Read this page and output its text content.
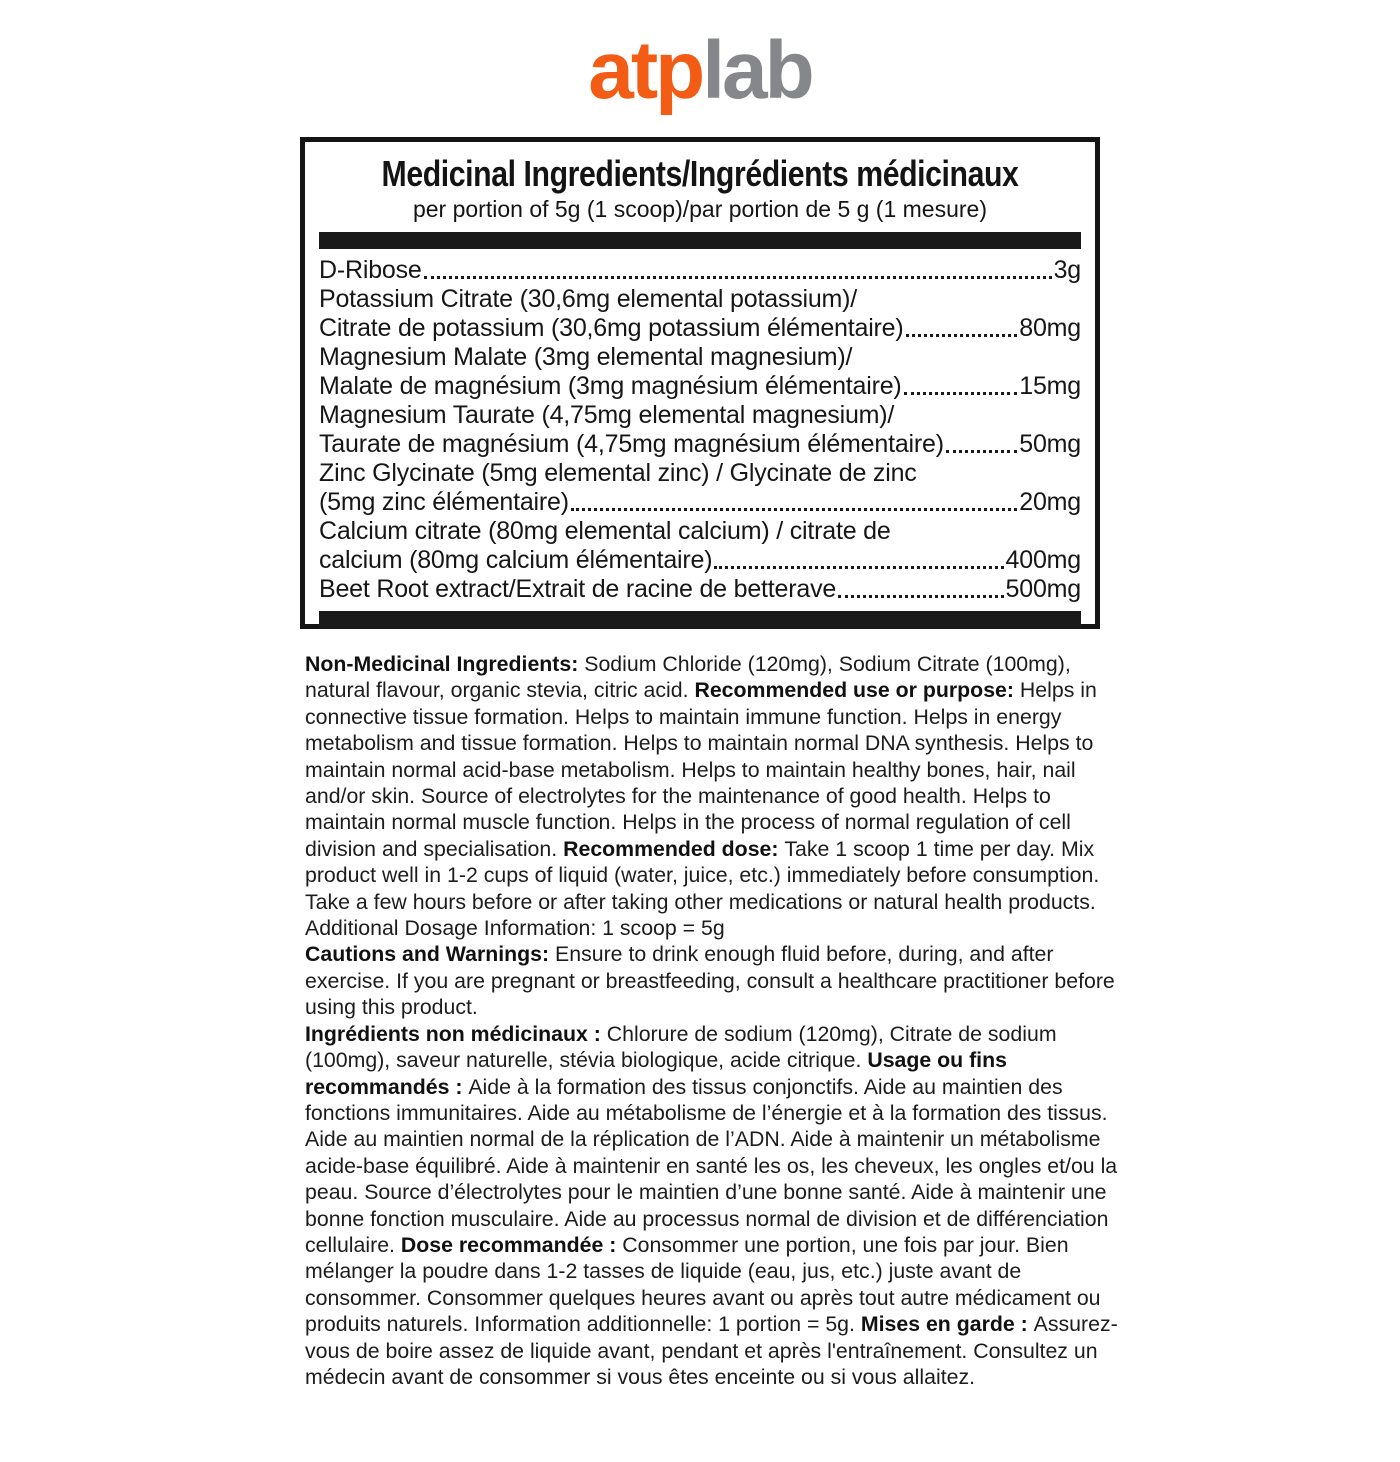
atplab
Medicinal Ingredients/Ingrédients médicinaux
per portion of 5g (1 scoop)/par portion de 5 g (1 mesure)
D-Ribose	3g
Potassium Citrate (30,6mg elemental potassium)/
Citrate de potassium (30,6mg potassium élémentaire)	80mg
Magnesium Malate (3mg elemental magnesium)/
Malate de magnésium (3mg magnésium élémentaire)	15mg
Magnesium Taurate (4,75mg elemental magnesium)/
Taurate de magnésium (4,75mg magnésium élémentaire)	50mg
Zinc Glycinate (5mg elemental zinc) / Glycinate de zinc
(5mg zinc élémentaire)	20mg
Calcium citrate (80mg elemental calcium) / citrate de
calcium (80mg calcium élémentaire)	400mg
Beet Root extract/Extrait de racine de betterave	500mg

Non-Medicinal Ingredients: Sodium Chloride (120mg), Sodium Citrate (100mg), natural flavour, organic stevia, citric acid. Recommended use or purpose: Helps in connective tissue formation. Helps to maintain immune function. Helps in energy metabolism and tissue formation. Helps to maintain normal DNA synthesis. Helps to maintain normal acid-base metabolism. Helps to maintain healthy bones, hair, nail and/or skin. Source of electrolytes for the maintenance of good health. Helps to maintain normal muscle function. Helps in the process of normal regulation of cell division and specialisation. Recommended dose: Take 1 scoop 1 time per day. Mix product well in 1-2 cups of liquid (water, juice, etc.) immediately before consumption. Take a few hours before or after taking other medications or natural health products. Additional Dosage Information: 1 scoop = 5g

Cautions and Warnings: Ensure to drink enough fluid before, during, and after exercise. If you are pregnant or breastfeeding, consult a healthcare practitioner before using this product.

Ingrédients non médicinaux : Chlorure de sodium (120mg), Citrate de sodium (100mg), saveur naturelle, stévia biologique, acide citrique. Usage ou fins recommandés : Aide à la formation des tissus conjonctifs. Aide au maintien des fonctions immunitaires. Aide au métabolisme de l’énergie et à la formation des tissus. Aide au maintien normal de la réplication de l’ADN. Aide à maintenir un métabolisme acide-base équilibré. Aide à maintenir en santé les os, les cheveux, les ongles et/ou la peau. Source d’électrolytes pour le maintien d’une bonne santé. Aide à maintenir une bonne fonction musculaire. Aide au processus normal de division et de différenciation cellulaire. Dose recommandée : Consommer une portion, une fois par jour. Bien mélanger la poudre dans 1-2 tasses de liquide (eau, jus, etc.) juste avant de consommer. Consommer quelques heures avant ou après tout autre médicament ou produits naturels. Information additionnelle: 1 portion = 5g. Mises en garde : Assurez-vous de boire assez de liquide avant, pendant et après l'entraînement. Consultez un médecin avant de consommer si vous êtes enceinte ou si vous allaitez.
